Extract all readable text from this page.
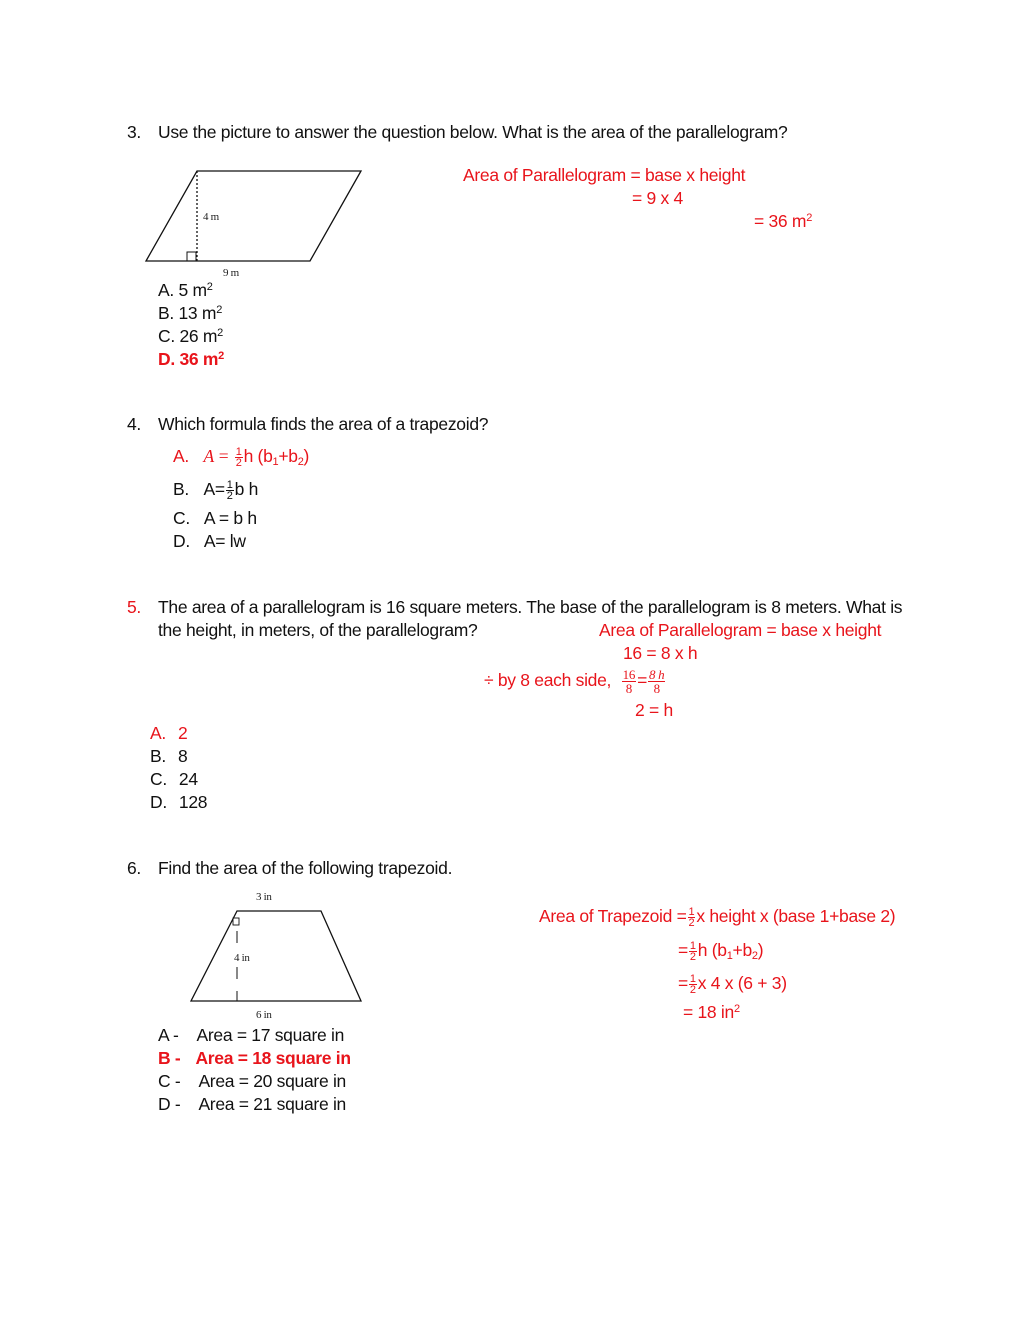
3. Use the picture to answer the question below. What is the area of the parallelogram?
4 m
9 m
Area of Parallelogram = base x height
= 9 x 4
= 36 $m^2$
A. 5 $m^2$
B. 13 $m^2$
C. 26 $m^2$
D. 36 $m^2$
4. Which formula finds the area of a trapezoid?
A. $A = \frac{1}{2}$ h $(b_1+b_2)$
B. $A= \frac{1}{2}$ b h
C. A = b h
D. A= lw
5. The area of a parallelogram is 16 square meters. The base of the parallelogram is 8 meters. What is
the height, in meters, of the parallelogram?	Area of Parallelogram = base x height
16 = 8 x h
÷ by 8 each side, $\frac{16}{8} = \frac{8 h}{8}$
2 = h
A. 2
B. 8
C. 24
D. 128
6. Find the area of the following trapezoid.
3 in
4 in
6 in
Area of Trapezoid = $\frac{1}{2}$ x height x (base 1+base 2)
= $\frac{1}{2}$ h $(b_1+b_2)$
= $\frac{1}{2}$ x 4 x (6 + 3)
= 18 $in^2$
A - Area = 17 square in
B - Area = 18 square in
C - Area = 20 square in
D - Area = 21 square in
